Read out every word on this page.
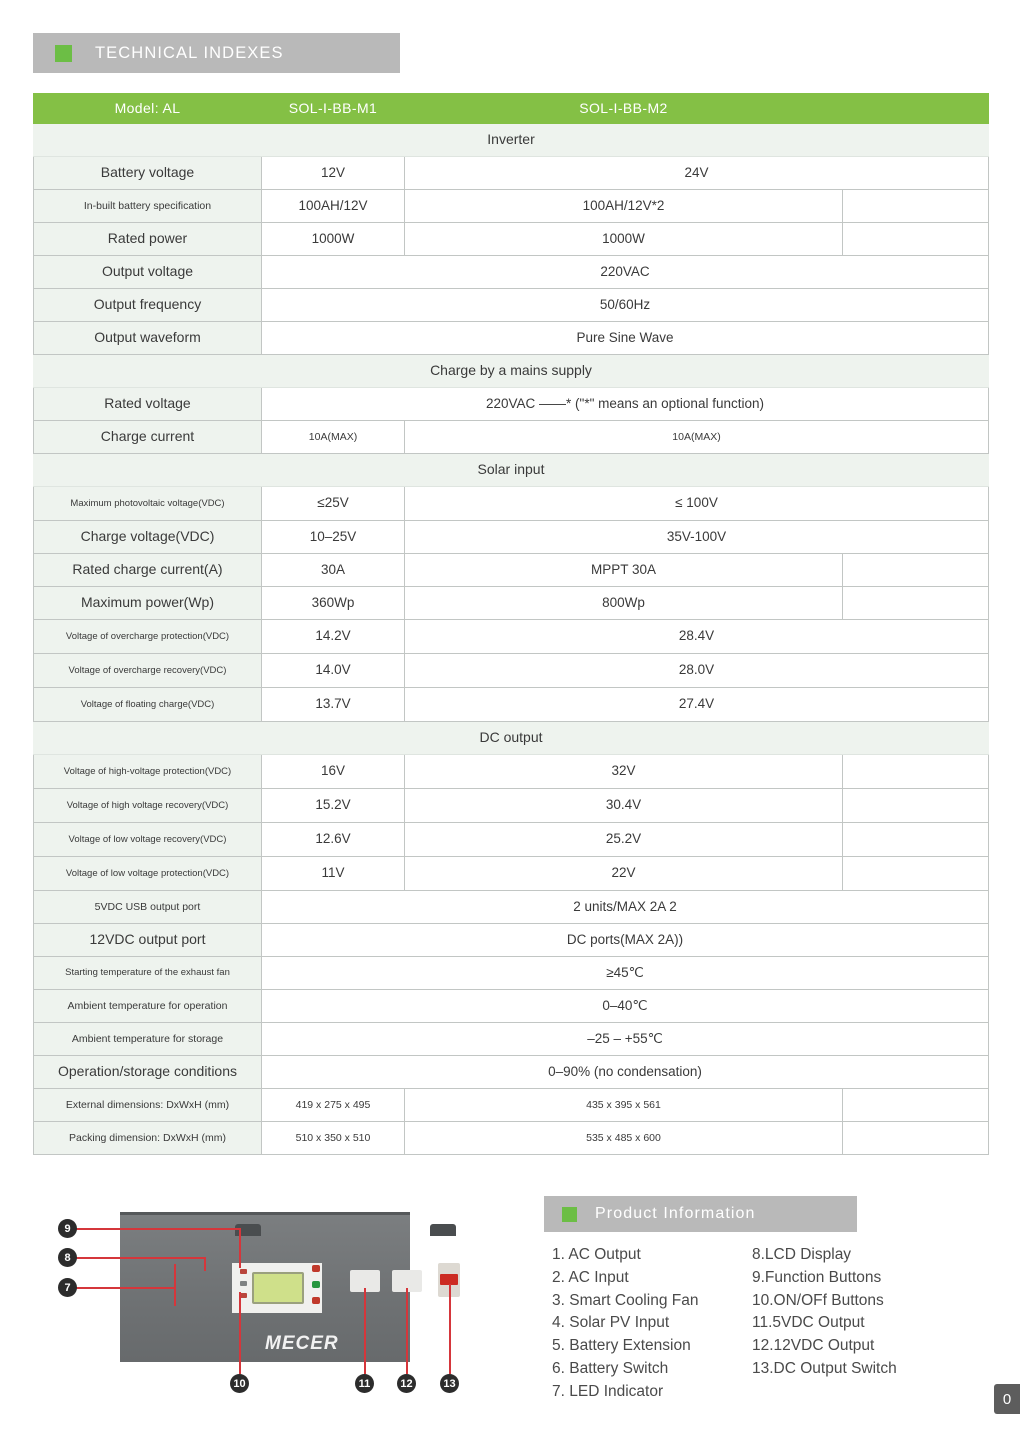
TECHNICAL INDEXES
Model: AL	SOL-I-BB-M1	SOL-I-BB-M2	
Inverter			
Battery voltage	12V	24V	
In-built battery specification	100AH/12V	100AH/12V*2	
Rated power	1000W	1000W	
Output voltage	220VAC		
Output frequency	50/60Hz		
Output waveform	Pure Sine Wave		
Charge by a mains supply			
Rated voltage	220VAC ——* ("*" means an optional function)		
Charge current	10A(MAX)	10A(MAX)	
Solar input			
Maximum photovoltaic voltage(VDC)	≤25V	≤ 100V	
Charge voltage(VDC)	10–25V	35V-100V	
Rated charge current(A)	30A	MPPT 30A	
Maximum power(Wp)	360Wp	800Wp	
Voltage of overcharge protection(VDC)	14.2V	28.4V	
Voltage of overcharge recovery(VDC)	14.0V	28.0V	
Voltage of floating charge(VDC)	13.7V	27.4V	
DC output			
Voltage of high-voltage protection(VDC)	16V	32V	
Voltage of high voltage recovery(VDC)	15.2V	30.4V	
Voltage of low voltage recovery(VDC)	12.6V	25.2V	
Voltage of low voltage protection(VDC)	11V	22V	
5VDC USB output port	2 units/MAX 2A 2		
12VDC output port	DC ports(MAX 2A))		
Starting temperature of the exhaust fan	≥45℃		
Ambient temperature for operation	0–40℃		
Ambient temperature for storage	–25 – +55℃		
Operation/storage conditions	0–90% (no condensation)		
External dimensions: DxWxH (mm)	419 x 275 x 495	435 x 395 x 561	
Packing dimension: DxWxH (mm)	510 x 350 x 510	535 x 485 x 600	
MECER
9
8
7
10	11	12	13
Product Information
1. AC Output
2. AC Input
3. Smart Cooling Fan
4. Solar PV Input
5. Battery Extension
6. Battery Switch
7. LED Indicator
8.LCD Display
9.Function Buttons
10.ON/OFf Buttons
11.5VDC Output
12.12VDC Output
13.DC Output Switch
0
